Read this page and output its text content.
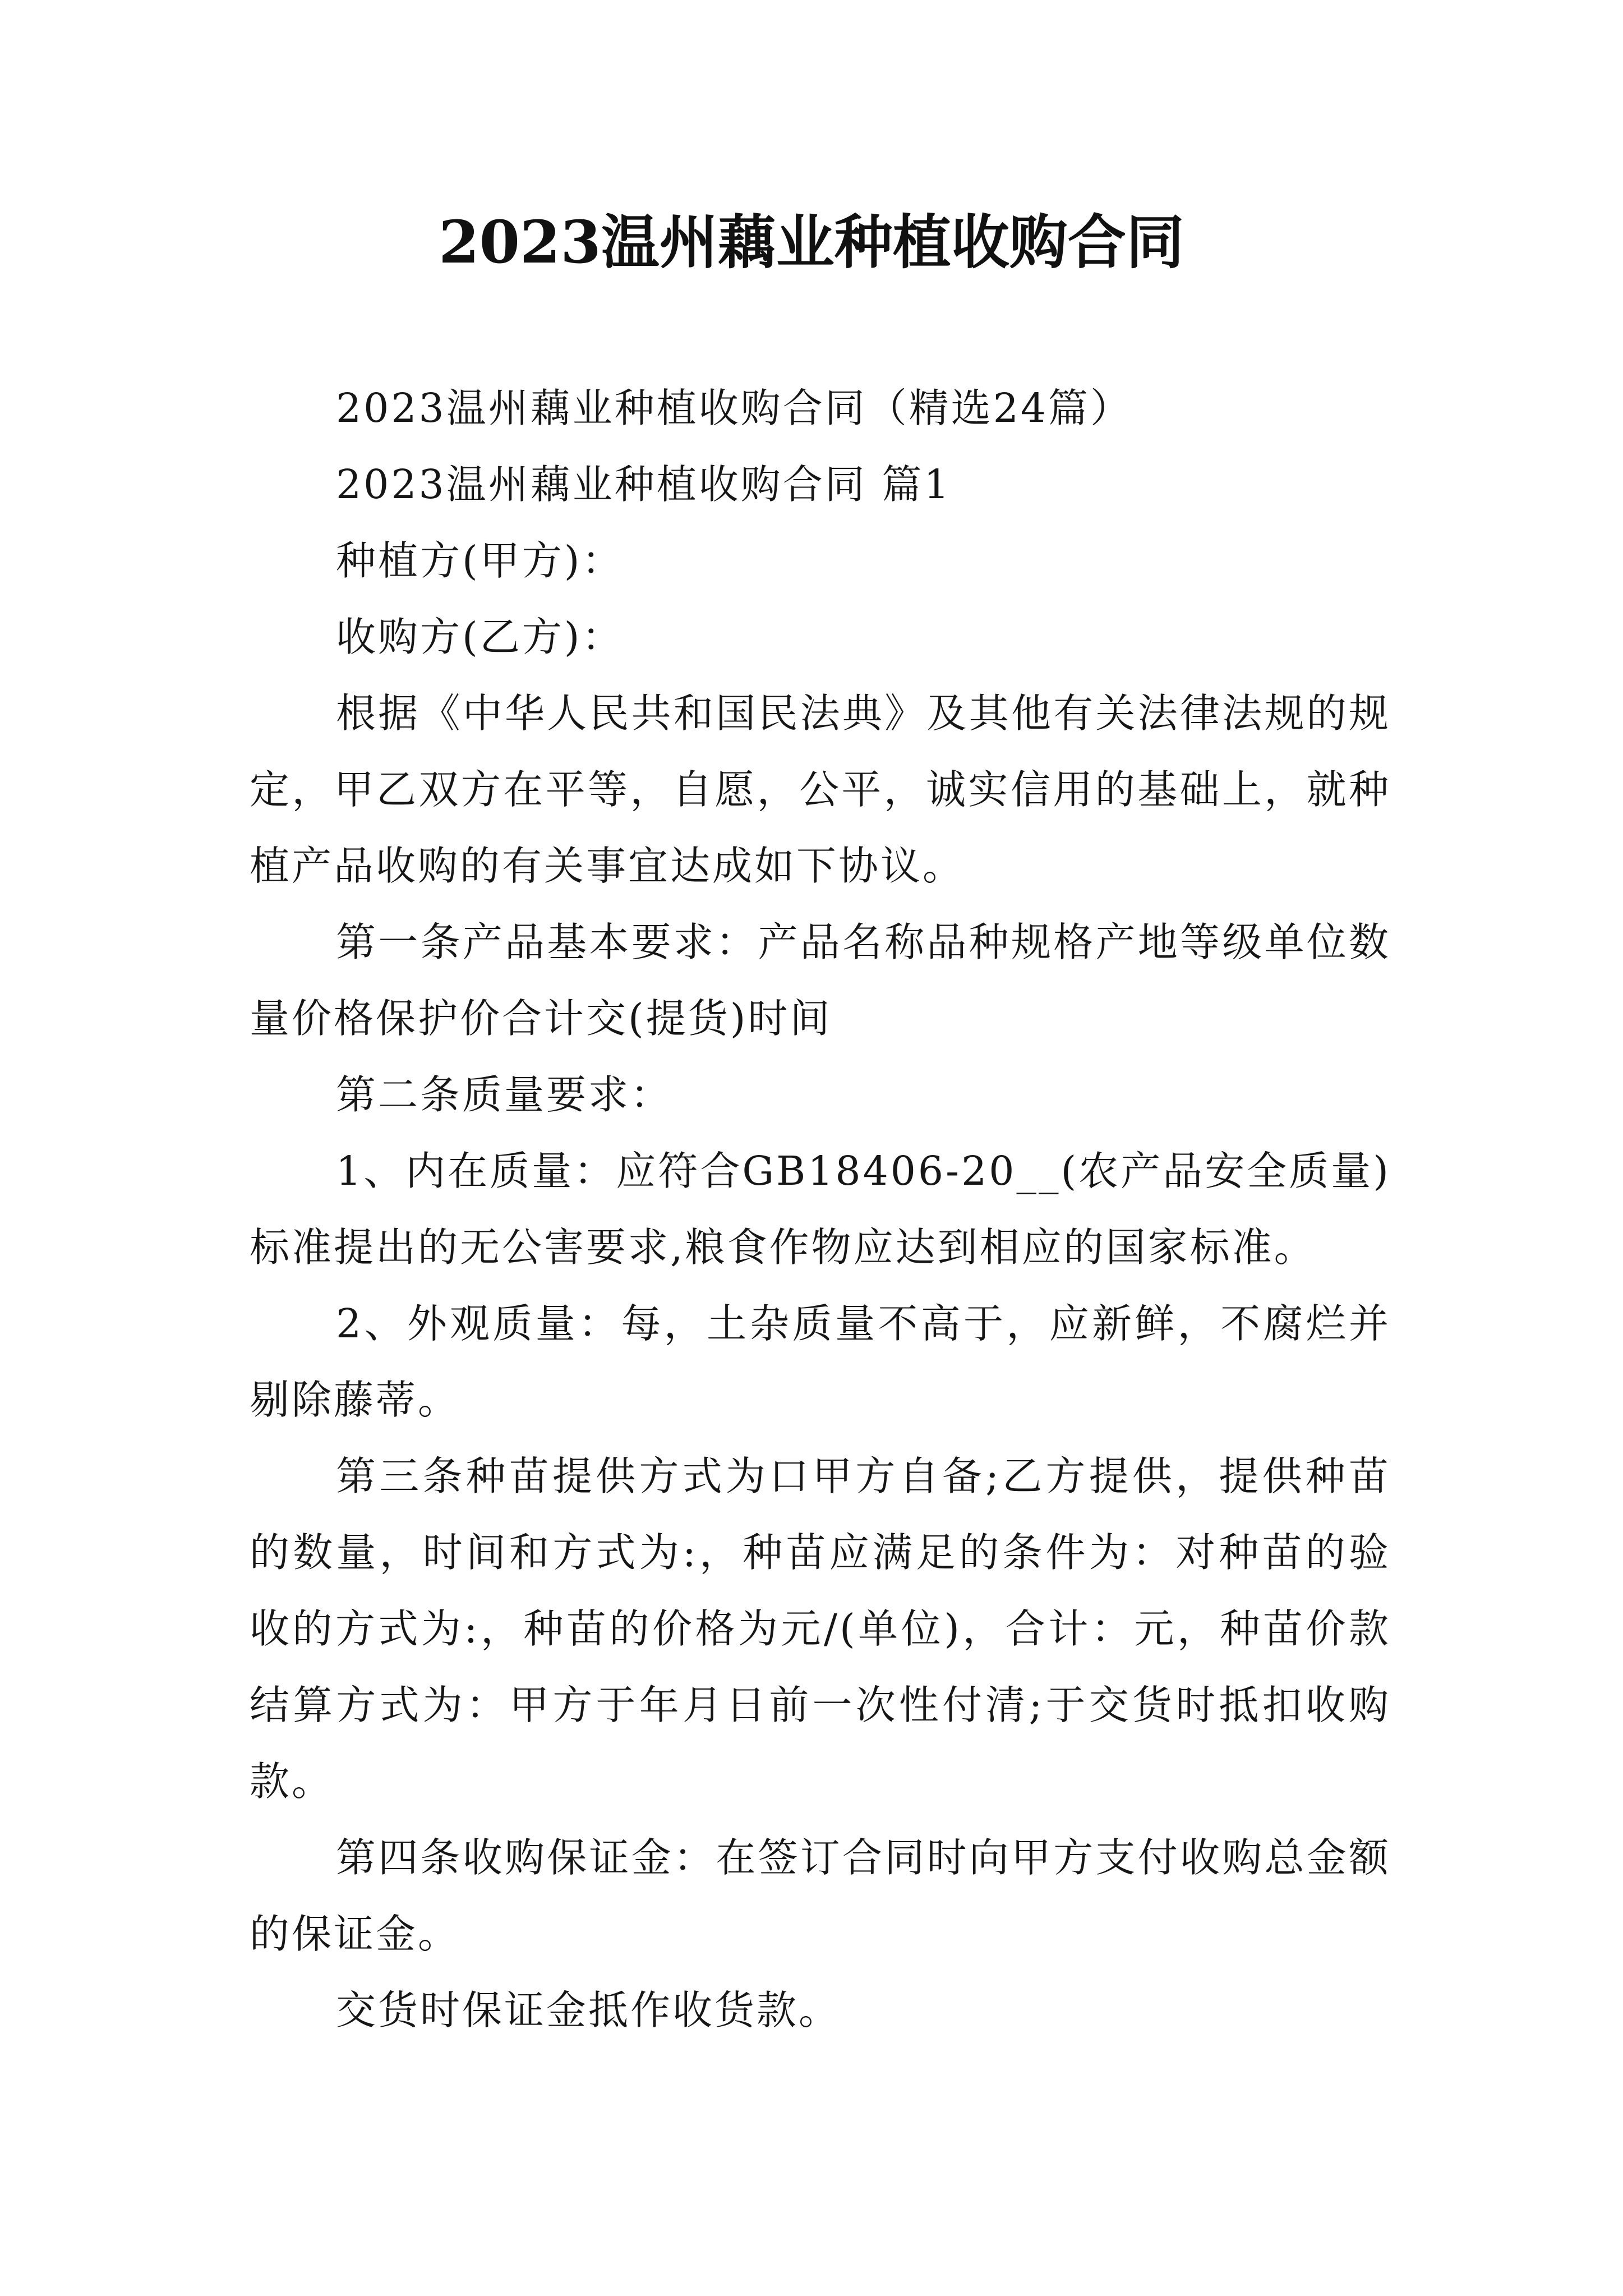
2023温州藕业种植收购合同

2023温州藕业种植收购合同（精选24篇）

2023温州藕业种植收购合同 篇1

种植方(甲方)：

收购方(乙方)：

根据《中华人民共和国民法典》及其他有关法律法规的规定，甲乙双方在平等，自愿，公平，诚实信用的基础上，就种植产品收购的有关事宜达成如下协议。

第一条产品基本要求：产品名称品种规格产地等级单位数量价格保护价合计交(提货)时间

第二条质量要求：

1、内在质量：应符合GB18406-20__(农产品安全质量)标准提出的无公害要求,粮食作物应达到相应的国家标准。

2、外观质量：每，土杂质量不高于，应新鲜，不腐烂并剔除藤蒂。

第三条种苗提供方式为口甲方自备;乙方提供，提供种苗的数量，时间和方式为:，种苗应满足的条件为：对种苗的验收的方式为:，种苗的价格为元/(单位)，合计：元，种苗价款结算方式为：甲方于年月日前一次性付清;于交货时抵扣收购款。

第四条收购保证金：在签订合同时向甲方支付收购总金额的保证金。

交货时保证金抵作收货款。
